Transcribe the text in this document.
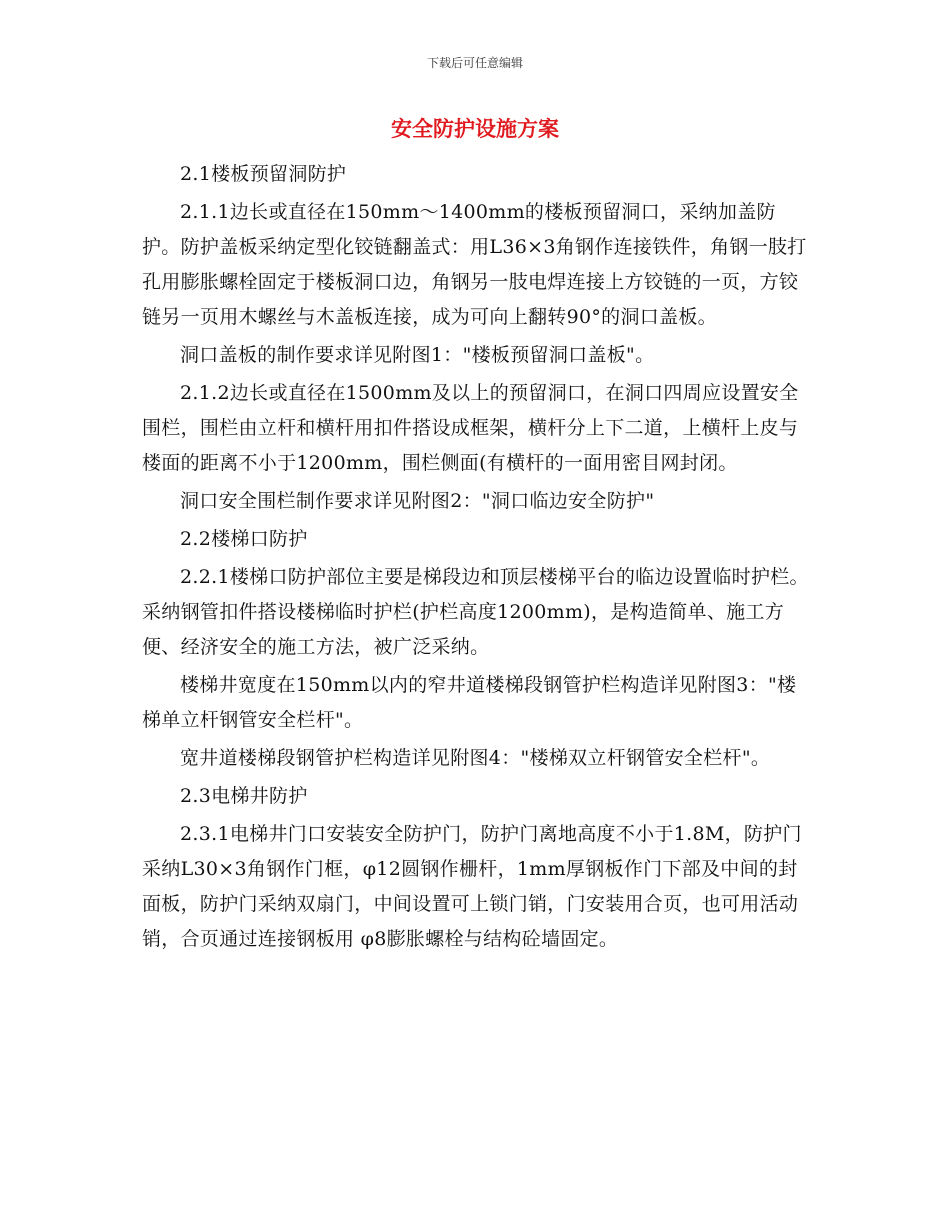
下载后可任意编辑
安全防护设施方案

2.1楼板预留洞防护

2.1.1边长或直径在150mm～1400mm的楼板预留洞口，采纳加盖防护。防护盖板采纳定型化铰链翻盖式：用L36×3角钢作连接铁件，角钢一肢打孔用膨胀螺栓固定于楼板洞口边，角钢另一肢电焊连接上方铰链的一页，方铰链另一页用木螺丝与木盖板连接，成为可向上翻转90°的洞口盖板。

洞口盖板的制作要求详见附图1："楼板预留洞口盖板"。

2.1.2边长或直径在1500mm及以上的预留洞口，在洞口四周应设置安全围栏，围栏由立杆和横杆用扣件搭设成框架，横杆分上下二道，上横杆上皮与楼面的距离不小于1200mm，围栏侧面(有横杆的一面用密目网封闭。

洞口安全围栏制作要求详见附图2："洞口临边安全防护"

2.2楼梯口防护

2.2.1楼梯口防护部位主要是梯段边和顶层楼梯平台的临边设置临时护栏。采纳钢管扣件搭设楼梯临时护栏(护栏高度1200mm)，是构造简单、施工方便、经济安全的施工方法，被广泛采纳。

楼梯井宽度在150mm以内的窄井道楼梯段钢管护栏构造详见附图3："楼梯单立杆钢管安全栏杆"。

宽井道楼梯段钢管护栏构造详见附图4："楼梯双立杆钢管安全栏杆"。

2.3电梯井防护

2.3.1电梯井门口安装安全防护门，防护门离地高度不小于1.8M，防护门采纳L30×3角钢作门框，φ12圆钢作栅杆，1mm厚钢板作门下部及中间的封面板，防护门采纳双扇门，中间设置可上锁门销，门安装用合页，也可用活动销，合页通过连接钢板用 φ8膨胀螺栓与结构砼墙固定。
